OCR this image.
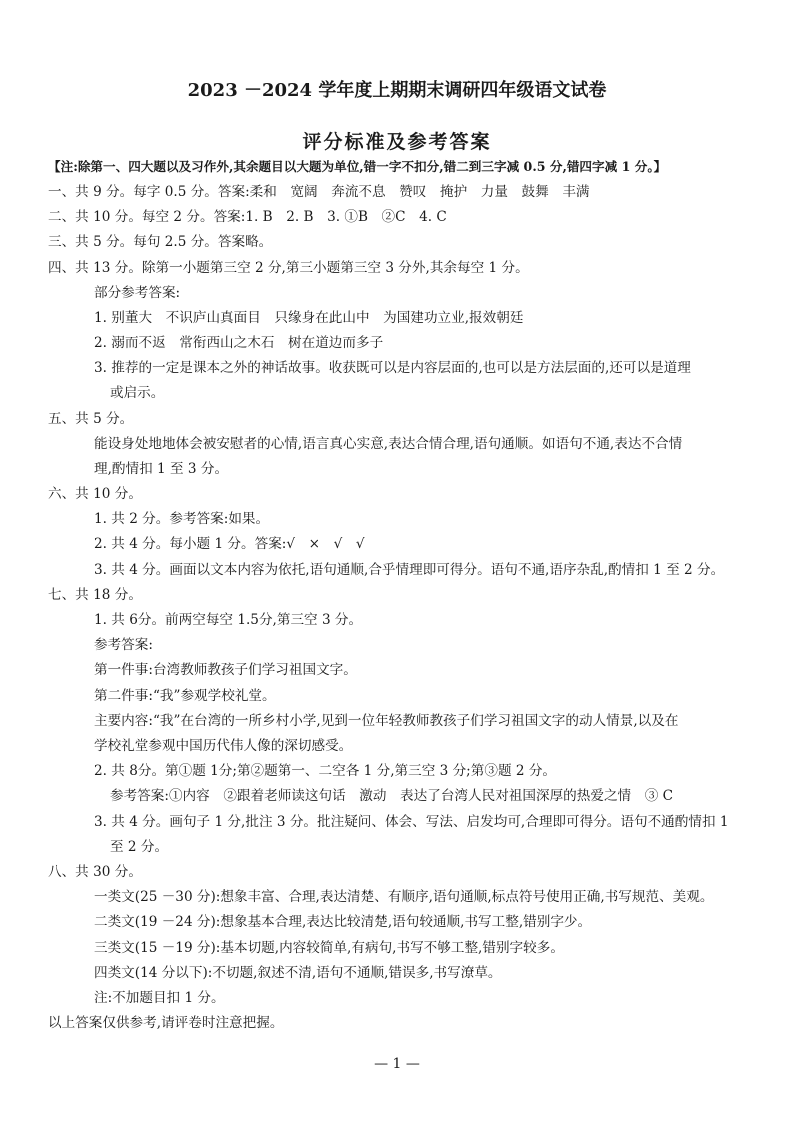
2023 －2024 学年度上期期末调研四年级语文试卷
评分标准及参考答案
【注:除第一、四大题以及习作外,其余题目以大题为单位,错一字不扣分,错二到三字减 0.5 分,错四字减 1 分。】
一、共 9 分。每字 0.5 分。答案:柔和　宽阔　奔流不息　赞叹　掩护　力量　鼓舞　丰满
二、共 10 分。每空 2 分。答案:1. B　2. B　3. ①B　②C　4. C
三、共 5 分。每句 2.5 分。答案略。
四、共 13 分。除第一小题第三空 2 分,第三小题第三空 3 分外,其余每空 1 分。
部分参考答案:
1. 别董大　不识庐山真面目　只缘身在此山中　为国建功立业,报效朝廷
2. 溺而不返　常衔西山之木石　树在道边而多子
3. 推荐的一定是课本之外的神话故事。收获既可以是内容层面的,也可以是方法层面的,还可以是道理
或启示。
五、共 5 分。
能设身处地地体会被安慰者的心情,语言真心实意,表达合情合理,语句通顺。如语句不通,表达不合情
理,酌情扣 1 至 3 分。
六、共 10 分。
1. 共 2 分。参考答案:如果。
2. 共 4 分。每小题 1 分。答案:√　×　√　√
3. 共 4 分。画面以文本内容为依托,语句通顺,合乎情理即可得分。语句不通,语序杂乱,酌情扣 1 至 2 分。
七、共 18 分。
1. 共 6分。前两空每空 1.5分,第三空 3 分。
参考答案:
第一件事:台湾教师教孩子们学习祖国文字。
第二件事:“我”参观学校礼堂。
主要内容:“我”在台湾的一所乡村小学,见到一位年轻教师教孩子们学习祖国文字的动人情景,以及在
学校礼堂参观中国历代伟人像的深切感受。
2. 共 8分。第①题 1分;第②题第一、二空各 1 分,第三空 3 分;第③题 2 分。
参考答案:①内容　②跟着老师读这句话　激动　表达了台湾人民对祖国深厚的热爱之情　③ C
3. 共 4 分。画句子 1 分,批注 3 分。批注疑问、体会、写法、启发均可,合理即可得分。语句不通酌情扣 1
至 2 分。
八、共 30 分。
一类文(25 －30 分):想象丰富、合理,表达清楚、有顺序,语句通顺,标点符号使用正确,书写规范、美观。
二类文(19 －24 分):想象基本合理,表达比较清楚,语句较通顺,书写工整,错别字少。
三类文(15 －19 分):基本切题,内容较简单,有病句,书写不够工整,错别字较多。
四类文(14 分以下):不切题,叙述不清,语句不通顺,错误多,书写潦草。
注:不加题目扣 1 分。
以上答案仅供参考,请评卷时注意把握。
— 1 —
